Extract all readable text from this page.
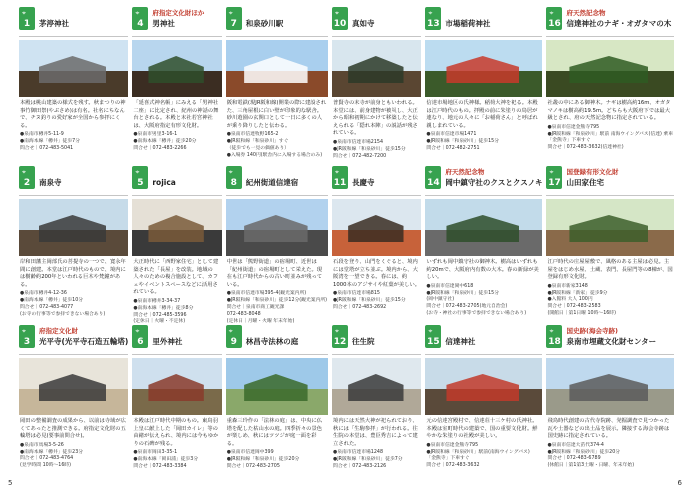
⌖
1	茅渟神社
本殿は桃山建築の様式を残す。秋まつりの神事⽵御田祭(やぶさめ)は有名。社名にちなんで、チヌ釣りの愛好家が全国から参拝にくる。
●泉南市樽井5-11-9
●南海本線「樽井」徒歩7分
問合せ｜072-483-5041
⌖
4
府指定文化財ほか
男神社
「延喜式神名帳」にみえる「男神社二座」に比定され、紀州の神話の舞台とされる。本殿と末社若宮神社は、大阪府指定有形文化財。
●泉南市男里3-16-1
●南海本線「樽井」徒歩20分
問合せ｜072-483-2266
⌖
7	和泉砂川駅
阪和電鉄(現JR阪和線)開業の際に建設された、三角屋根に白い壁が印象的な駅舎。砂川遊園の玄関口として一日に多くの人が乗り降りしたと伝わる。
●泉南市信達牧野165-2
●JR阪和線「和泉砂川」すぐ
（徒歩でも一見の価値あり）
●入場券 140円(駅舎内に入場する場合のみ)
⌖
10 真如寺
普賢寺の末寺が前身ともいわれる。本堂には、前身建物が被災し、大正から昭和初期にかけて移築したと伝えられる「隠れ本陣」の説話が残されている。
●泉南市信達市場2154
●JR阪和線「和泉砂川」徒歩15分
問合せ｜072-482-7200
⌖
13 市場稲荷神社
信達市場地区の氏神様。稲荷大神を祀る。本殿は江戸時代のもの。拝殿の前に朱塗りの鳥居が連なり、地元の人々に「お稲荷さん」と呼ばれ親しまれている。
●泉南市信達市場1471
●JR阪和線「和泉砂川」徒歩15分
問合せ｜072-482-2751
⌖
16
府天然記念物
信達神社のナギ・オガタマの木
社叢の中にある御神木。ナギは樹高約16m、オガタマノキは樹高約19.5m。どちらも大阪府下では最大級とされ、府の天然記念物に指定されている。
●泉南市信達金熊寺795
●JR阪和線「和泉砂川」駅前 南海ウイングバス(信達) 乗車
「金熊寺」下車すぐ
問合せ｜072-483-3632(信達神社)
⌖
2	南泉寺
岸和田藩主岡部氏の菩提寺の一つで、寛永年間に創建。本堂は江戸時代のもので、境内には樹齢約200年といわれる巨木や梵鐘がある。
●泉南市樽井4-12-36
●南海本線「樽井」徒歩10分
問合せ｜072-483-4077
(お寺の行事等で参拝できない場合あり)
⌖
5	rojica
大正時代に「西野家住宅」として建築された「長屋」を改装。地域の人々のための複合施設として、カフェやイベントスペースなどに活用されている。
●泉南市樽井3-34-37
●南海本線「樽井」徒歩8分
問合せ｜072-485-3596
(定休日｜火曜・不定休)
⌖
8	紀州街道信達宿
中世は「熊野街道」の宿場町、近世は「紀州街道」の宿場町として栄えた。現在も江戸時代からの古い町並みが残っている。
●泉南市信達市場395-4(観光案内所)
●JR阪和線「和泉砂川」徒歩12分(観光案内所)
問合せ｜泉南市商工観光課
072-483-8048
(定休日｜月曜・火曜 年末年始)
⌖
11 長慶寺
石段を登り、山門をくぐると、境内には堂塔が立ち並ぶ。境内から、大阪湾を一望できる。春には、約1000本のアジサイや紅葉が美しい。
●泉南市信達市場815
●JR阪和線「和泉砂川」徒歩15分
問合せ｜072-483-2692
⌖
14
府天然記念物
岡中鎮守社のクスとクスノキ
いずれも岡中鎮守社の御神木。樹高はいずれも約20mで、大阪府内有数の大木。春の新緑が美しい。
●泉南市信達岡中618
●JR阪和線「和泉砂川」徒歩15分
(岡中鎮守社)
問合せ｜072-483-2705(地元自治会)
(お寺・神社の行事等で参拝できない場合あり)
⌖
17
国登録有形文化財
山田家住宅
江戸時代の庄屋屋敷で、風格のある主屋は必見。主屋をはじめ水屋、土蔵、表門、長屋門等の8棟が、国登録有形文化財。
●泉南市新家3148
●JR阪和線「新家」徒歩9分
●入館料 大人 100円
問合せ｜072-483-2583
(開館日｜第1日曜 10時～16時)
⌖
3
府指定文化財
光平寺(光平寺石造五輪塔)
岡田の整備調査の成果から、以前は寺域が広くてあったと推測できる。府指定文化財の五輪塔は必見(要事前問合せ)。
●泉南市馬場3-5-26
●南海本線「樽井」徒歩23分
問合せ｜072-483-4764
(見学時間 10時～16時)
⌖
6	里外神社
本殿は江戸時代中期のもの。東鳥羽上皇に献上した「岡田カイレ」等の由緒が伝えられ、境内には今もゆかりの石碑が残る。
●泉南市岡田3-35-1
●南海本線「岡田浦」徒歩3分
問合せ｜072-483-3384
⌖
9	林昌寺法林の庭
重森三玲作の「法林の庭」は、中央に仏塔を配した枯山水の庭。四季折々の景色が楽しめ、秋にはツツジが庭一面を彩る。
●泉南市信達岡中399
●JR阪和線「和泉砂川」徒歩20分
問合せ｜072-483-2705
⌖
12 往生院
境内には天然大神が祀られており、秋には「生駒参拝」が行われる。往生院の本堂は、豊臣秀吉によって建立された。
●泉南市信達市場1248
●JR阪和線「和泉砂川」徒歩7分
問合せ｜072-483-2126
⌖
15 信達神社
元の信達宮殿村で、信達荘十三ケ村の氏神社。本殿は室町時代の建築で、国の重要文化財。鮮やかな朱塗りの社殿が美しい。
●泉南市信達金熊寺795
●JR阪和線「和泉砂川」駅前(南海ウイングバス)
「金熊寺」下車すぐ
問合せ｜072-483-3632
⌖
18
国史跡(海会寺跡)
泉南市埋蔵文化財センター
飛鳥時代創建の古代寺院跡、発掘調査で見つかった瓦や土器などの出土品を展示。隣接する海会寺跡は国史跡に指定されている。
●泉南市信達大苗代374-4
●JR阪和線「和泉砂川」徒歩20分
問合せ｜072-483-6789
(休館日｜第1第3土曜・日曜、年末年始)
5	6
